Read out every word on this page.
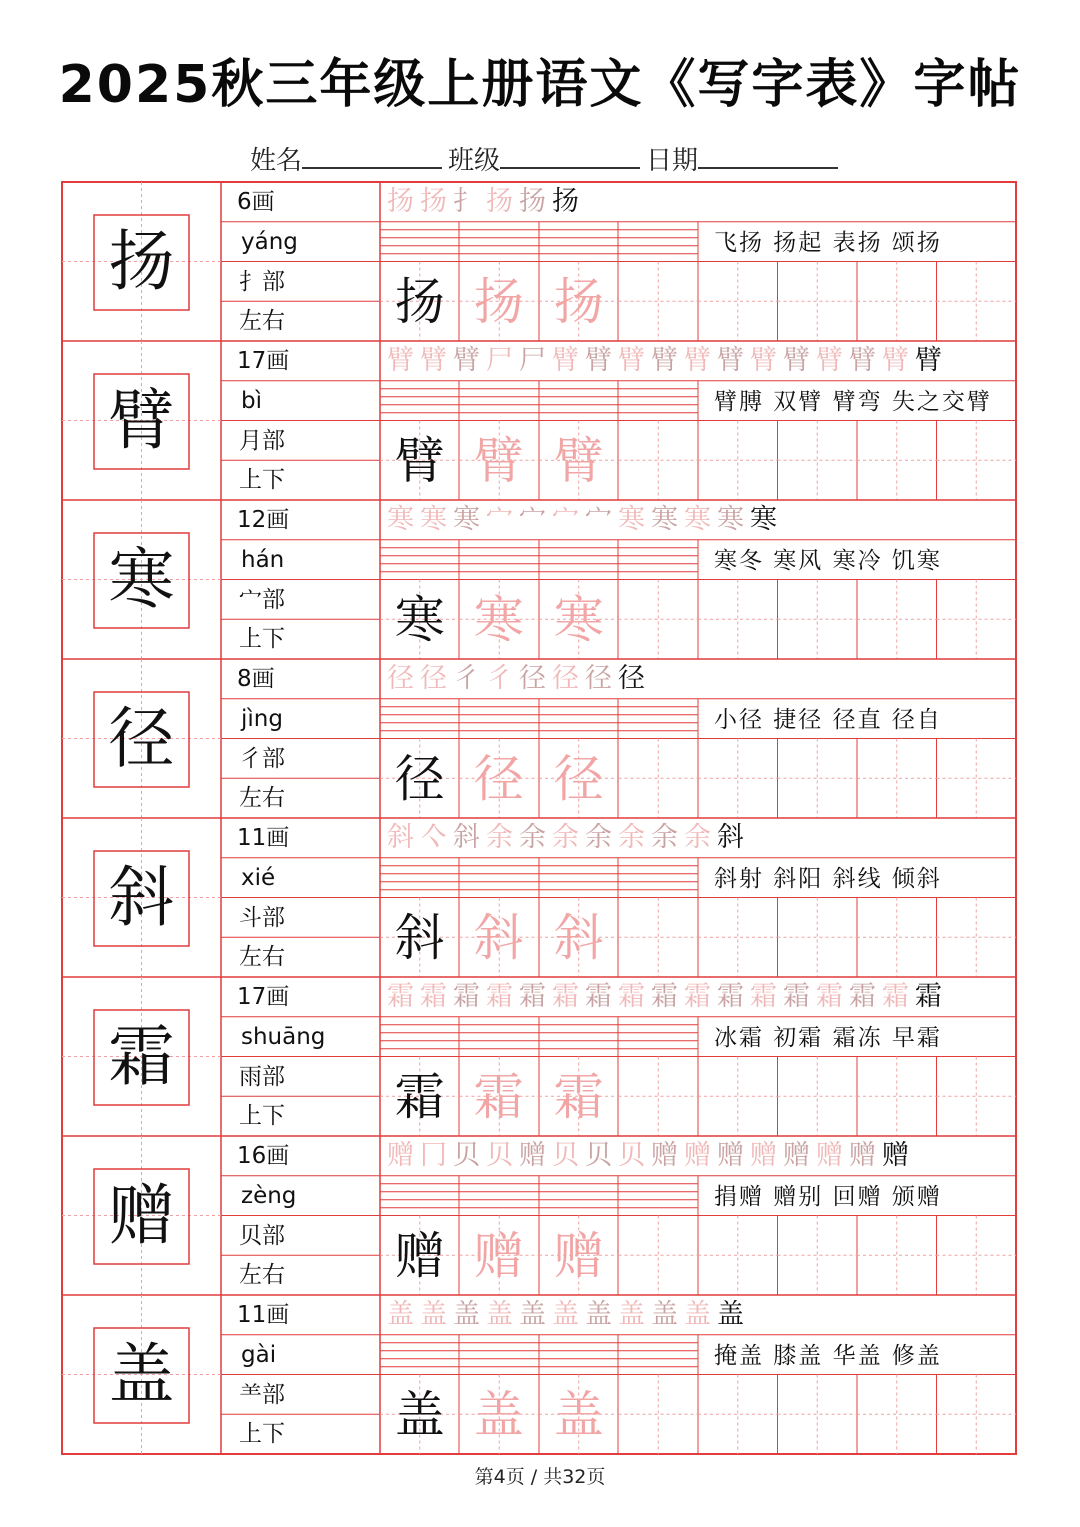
2025秋三年级上册语文《写字表》字帖
姓名	班级	日期
扬
6画
yáng
扌部
左右
扬 扬 扌 扬 扬 扬
飞扬 扬起 表扬 颂扬
扬 扬 扬
臂
17画
bì
月部
上下
臂 臂 臂 尸 尸 臂 臂 臂 臂 臂 臂 臂 臂 臂 臂 臂 臂
臂膊 双臂 臂弯 失之交臂
臂 臂 臂
寒
12画
hán
宀部
上下
寒 寒 寒 宀 宀 宀 宀 寒 寒 寒 寒 寒
寒冬 寒风 寒冷 饥寒
寒 寒 寒
径
8画
jìng
彳部
左右
径 径 彳 彳 径 径 径 径
小径 捷径 径直 径自
径 径 径
斜
11画
xié
斗部
左右
斜 亽 斜 余 余 余 余 余 余 余 斜
斜射 斜阳 斜线 倾斜
斜 斜 斜
霜
17画
shuāng
雨部
上下
霜 霜 霜 霜 霜 霜 霜 霜 霜 霜 霜 霜 霜 霜 霜 霜 霜
冰霜 初霜 霜冻 早霜
霜 霜 霜
赠
16画
zèng
贝部
左右
赠 冂 贝 贝 赠 贝 贝 贝 赠 赠 赠 赠 赠 赠 赠 赠
捐赠 赠别 回赠 颁赠
赠 赠 赠
盖
11画
gài
⺷部
上下
盖 盖 盖 盖 盖 盖 盖 盖 盖 盖 盖
掩盖 膝盖 华盖 修盖
盖 盖 盖
第4页 / 共32页
